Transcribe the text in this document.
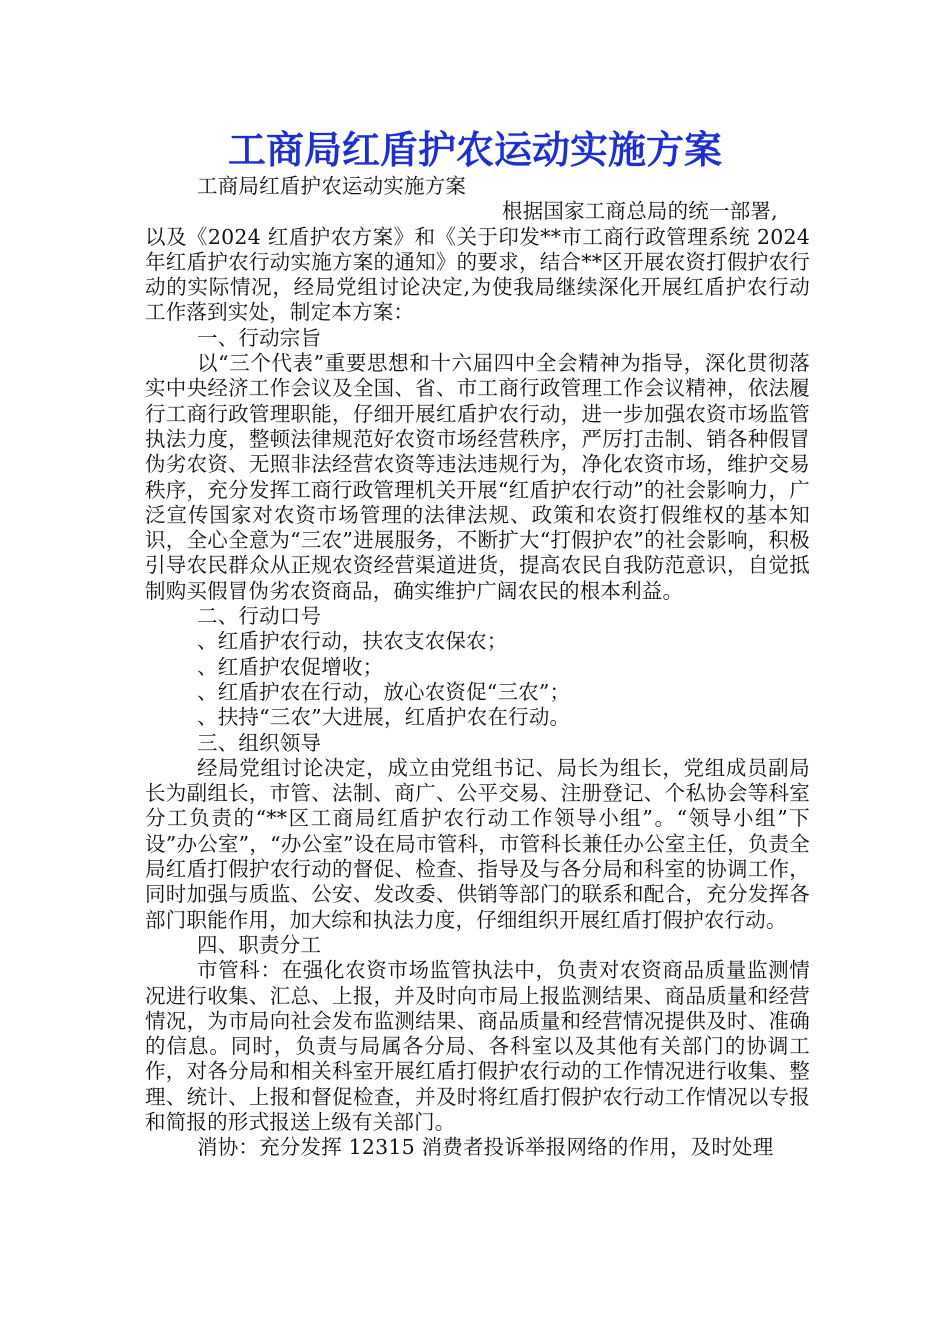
工商局红盾护农运动实施方案

工商局红盾护农运动实施方案

根据国家工商总局的统一部署,

以及《2024 红盾护农方案》和《关于印发**市工商行政管理系统 2024 年红盾护农行动实施方案的通知》的要求，结合**区开展农资打假护农行动的实际情况，经局党组讨论决定,为使我局继续深化开展红盾护农行动工作落到实处，制定本方案：

一、行动宗旨

以“三个代表”重要思想和十六届四中全会精神为指导，深化贯彻落实中央经济工作会议及全国、省、市工商行政管理工作会议精神，依法履行工商行政管理职能，仔细开展红盾护农行动，进一步加强农资市场监管执法力度，整顿法律规范好农资市场经营秩序，严厉打击制、销各种假冒伪劣农资、无照非法经营农资等违法违规行为，净化农资市场，维护交易秩序，充分发挥工商行政管理机关开展“红盾护农行动”的社会影响力，广泛宣传国家对农资市场管理的法律法规、政策和农资打假维权的基本知识，全心全意为“三农”进展服务，不断扩大“打假护农”的社会影响，积极引导农民群众从正规农资经营渠道进货，提高农民自我防范意识，自觉抵制购买假冒伪劣农资商品，确实维护广阔农民的根本利益。

二、行动口号

、红盾护农行动，扶农支农保农；

、红盾护农促增收；

、红盾护农在行动，放心农资促“三农”；

、扶持“三农”大进展，红盾护农在行动。

三、组织领导

经局党组讨论决定，成立由党组书记、局长为组长，党组成员副局长为副组长，市管、法制、商广、公平交易、注册登记、个私协会等科室分工负责的“**区工商局红盾护农行动工作领导小组”。“领导小组”下设”办公室”，“办公室”设在局市管科，市管科长兼任办公室主任，负责全局红盾打假护农行动的督促、检查、指导及与各分局和科室的协调工作，同时加强与质监、公安、发改委、供销等部门的联系和配合，充分发挥各部门职能作用，加大综和执法力度，仔细组织开展红盾打假护农行动。

四、职责分工

市管科：在强化农资市场监管执法中，负责对农资商品质量监测情况进行收集、汇总、上报，并及时向市局上报监测结果、商品质量和经营情况，为市局向社会发布监测结果、商品质量和经营情况提供及时、准确的信息。同时，负责与局属各分局、各科室以及其他有关部门的协调工作，对各分局和相关科室开展红盾打假护农行动的工作情况进行收集、整理、统计、上报和督促检查，并及时将红盾打假护农行动工作情况以专报和简报的形式报送上级有关部门。

消协：充分发挥 12315 消费者投诉举报网络的作用，及时处理
